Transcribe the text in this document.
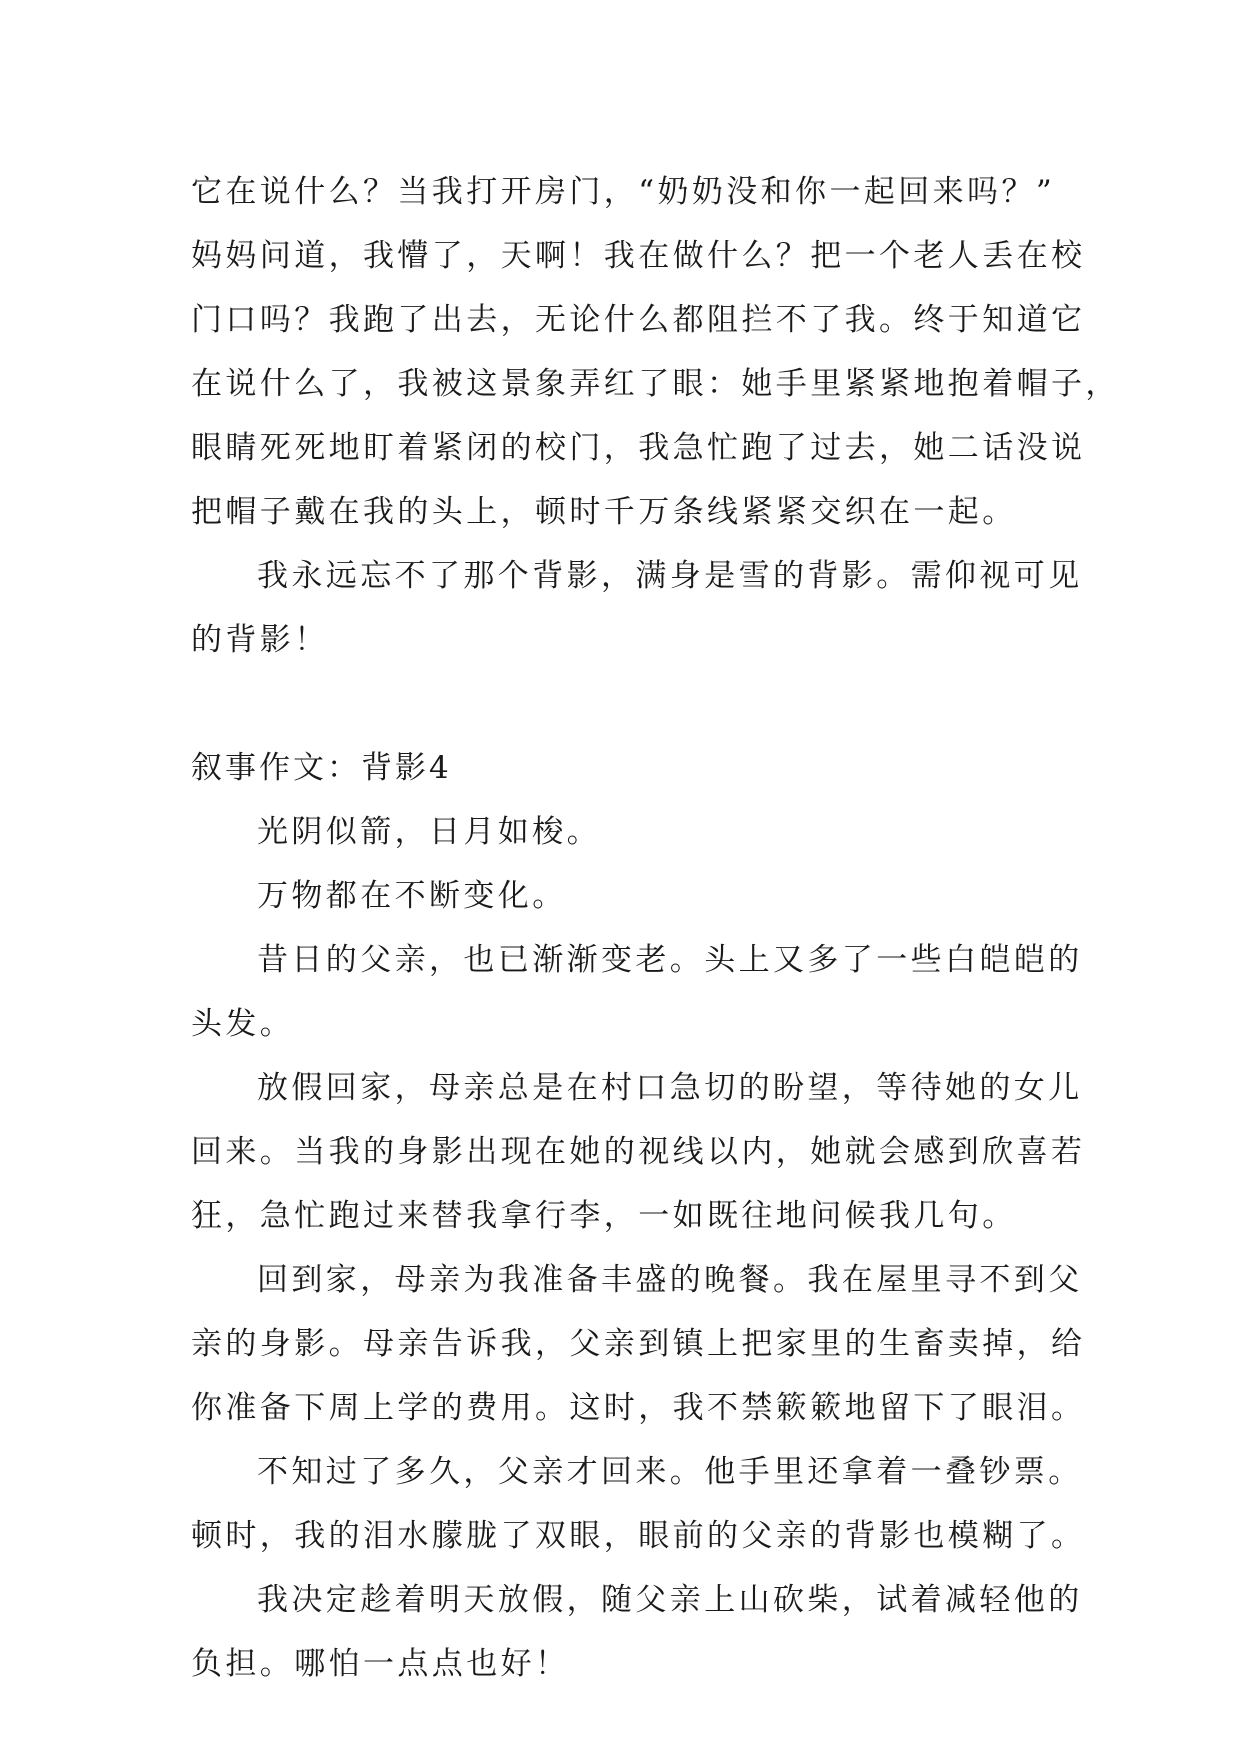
它在说什么？当我打开房门，“奶奶没和你一起回来吗？”
妈妈问道，我懵了，天啊！我在做什么？把一个老人丢在校
门口吗？我跑了出去，无论什么都阻拦不了我。终于知道它
在说什么了，我被这景象弄红了眼：她手里紧紧地抱着帽子，
眼睛死死地盯着紧闭的校门，我急忙跑了过去，她二话没说
把帽子戴在我的头上，顿时千万条线紧紧交织在一起。
我永远忘不了那个背影，满身是雪的背影。需仰视可见
的背影！
叙事作文：背影4
光阴似箭，日月如梭。
万物都在不断变化。
昔日的父亲，也已渐渐变老。头上又多了一些白皑皑的
头发。
放假回家，母亲总是在村口急切的盼望，等待她的女儿
回来。当我的身影出现在她的视线以内，她就会感到欣喜若
狂，急忙跑过来替我拿行李，一如既往地问候我几句。
回到家，母亲为我准备丰盛的晚餐。我在屋里寻不到父
亲的身影。母亲告诉我，父亲到镇上把家里的生畜卖掉，给
你准备下周上学的费用。这时，我不禁簌簌地留下了眼泪。
不知过了多久，父亲才回来。他手里还拿着一叠钞票。
顿时，我的泪水朦胧了双眼，眼前的父亲的背影也模糊了。
我决定趁着明天放假，随父亲上山砍柴，试着减轻他的
负担。哪怕一点点也好！
